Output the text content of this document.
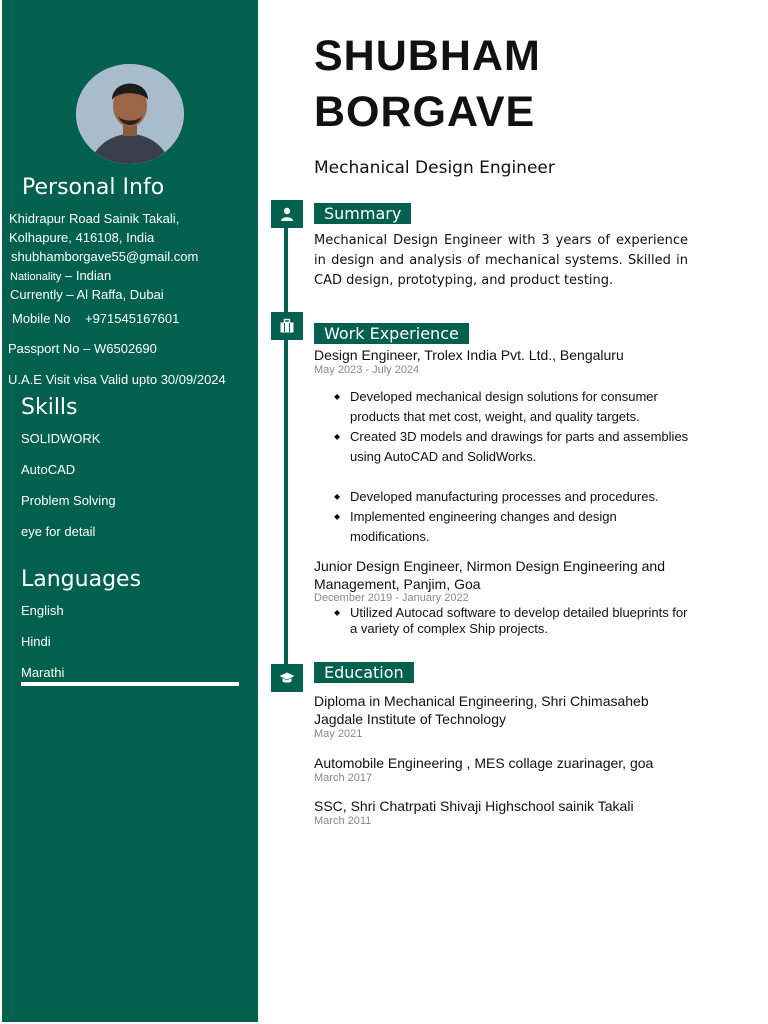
Personal Info
Khidrapur Road Sainik Takali,
Kolhapure, 416108, India
shubhamborgave55@gmail.com
Nationality – Indian
Currently – Al Raffa, Dubai
Mobile No +971545167601
Passport No – W6502690
U.A.E Visit visa Valid upto 30/09/2024
Skills
SOLIDWORK
AutoCAD
Problem Solving
eye for detail
Languages
English
Hindi
Marathi
SHUBHAM
BORGAVE
Mechanical Design Engineer
Summary

Mechanical Design Engineer with 3 years of experience in design and analysis of mechanical systems. Skilled in CAD design, prototyping, and product testing.

Work Experience
Design Engineer, Trolex India Pvt. Ltd., Bengaluru
May 2023 - July 2024
◆ Developed mechanical design solutions for consumer products that met cost, weight, and quality targets.
◆ Created 3D models and drawings for parts and assemblies using AutoCAD and SolidWorks.
◆ Developed manufacturing processes and procedures.
◆ Implemented engineering changes and design modifications.
Junior Design Engineer, Nirmon Design Engineering and Management, Panjim, Goa
December 2019 - January 2022
◆ Utilized Autocad software to develop detailed blueprints for a variety of complex Ship projects.
Education
Diploma in Mechanical Engineering, Shri Chimasaheb Jagdale Institute of Technology
May 2021
Automobile Engineering , MES collage zuarinager, goa
March 2017
SSC, Shri Chatrpati Shivaji Highschool sainik Takali
March 2011
